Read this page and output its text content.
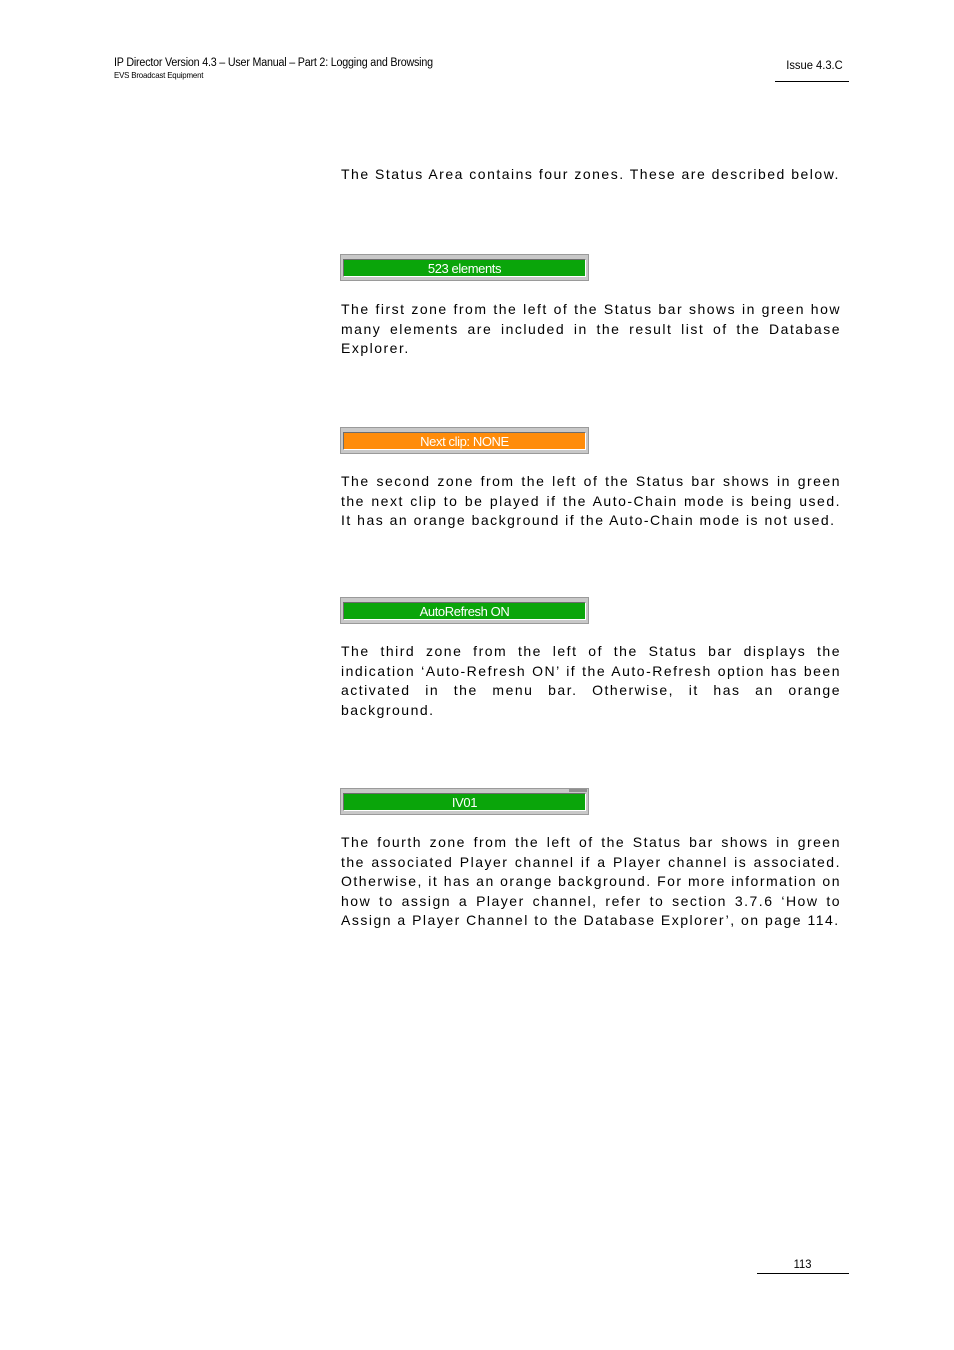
IP Director Version 4.3 – User Manual – Part 2: Logging and Browsing
EVS Broadcast Equipment
Issue 4.3.C
The Status Area contains four zones. These are described below.
523 elements
The first zone from the left of the Status bar shows in green how many elements are included in the result list of the Database Explorer.
Next clip: NONE
The second zone from the left of the Status bar shows in green the next clip to be played if the Auto-Chain mode is being used. It has an orange background if the Auto-Chain mode is not used.
AutoRefresh ON
The third zone from the left of the Status bar displays the indication ‘Auto-Refresh ON’ if the Auto-Refresh option has been activated in the menu bar. Otherwise, it has an orange background.
IV01
The fourth zone from the left of the Status bar shows in green the associated Player channel if a Player channel is associated. Otherwise, it has an orange background. For more information on how to assign a Player channel, refer to section 3.7.6 ‘How to Assign a Player Channel to the Database Explorer’, on page 114.
113
